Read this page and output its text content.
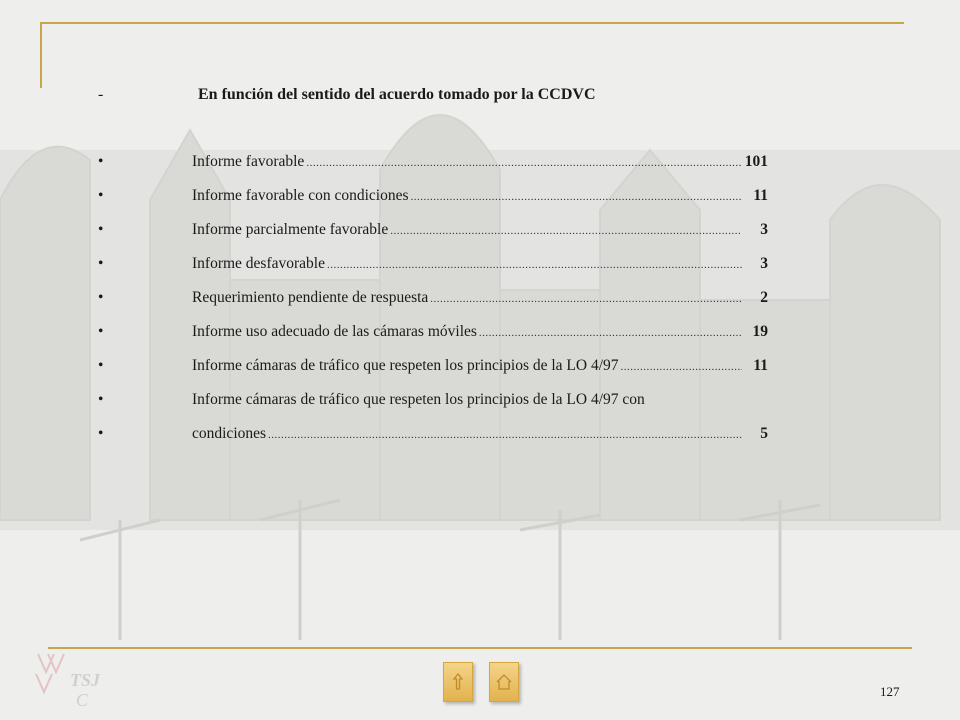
-	En función del sentido del acuerdo tomado por la CCDVC
•	Informe favorable .....	101
•	Informe favorable con condiciones .....	11
•	Informe parcialmente favorable .....	3
•	Informe desfavorable .....	3
•	Requerimiento pendiente de respuesta .....	2
•	Informe uso adecuado de las cámaras móviles .....	19
•	Informe cámaras de tráfico que respeten los principios de la LO 4/97 .....	11
•	Informe cámaras de tráfico que respeten los principios de la LO 4/97 con
•	condiciones .....	5
TSJ
C	127
